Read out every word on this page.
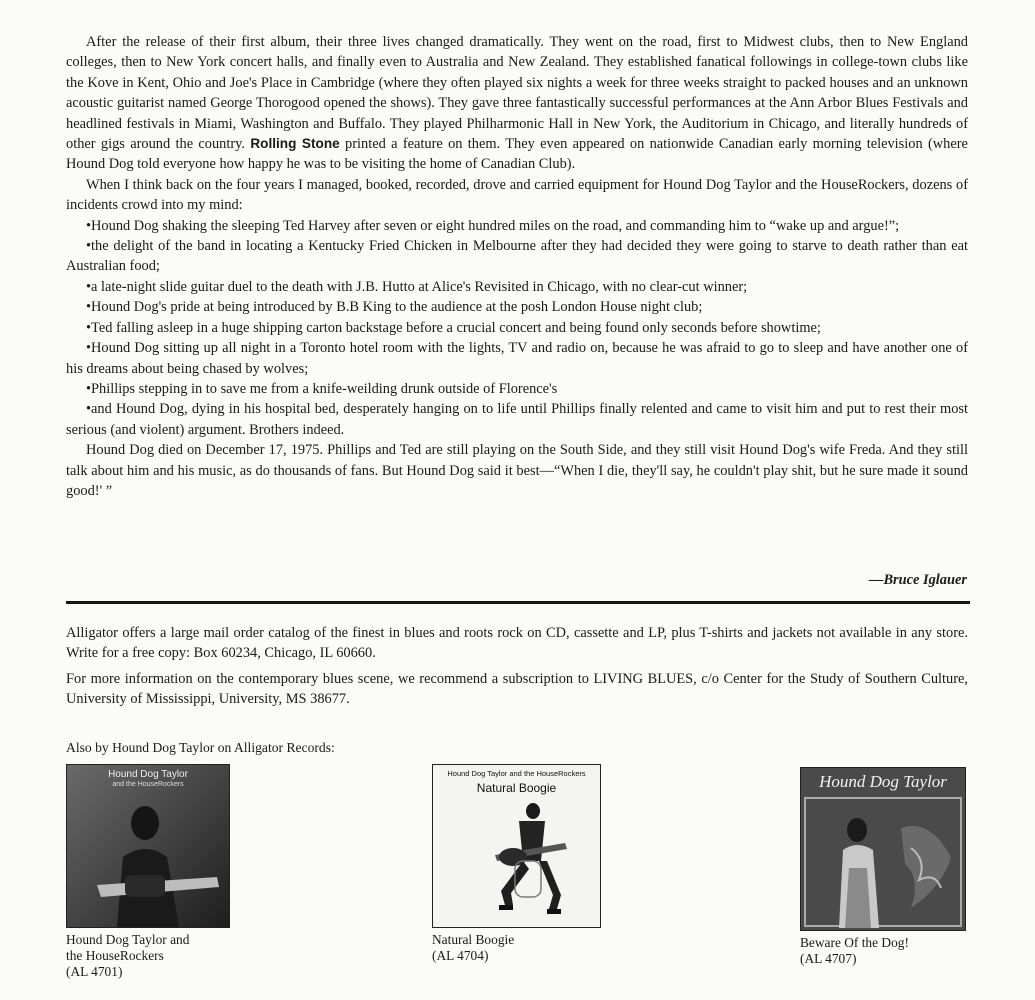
After the release of their first album, their three lives changed dramatically. They went on the road, first to Midwest clubs, then to New England colleges, then to New York concert halls, and finally even to Australia and New Zealand. They established fanatical followings in college-town clubs like the Kove in Kent, Ohio and Joe's Place in Cambridge (where they often played six nights a week for three weeks straight to packed houses and an unknown acoustic guitarist named George Thorogood opened the shows). They gave three fantastically successful performances at the Ann Arbor Blues Festivals and headlined festivals in Miami, Washington and Buffalo. They played Philharmonic Hall in New York, the Auditorium in Chicago, and literally hundreds of other gigs around the country. Rolling Stone printed a feature on them. They even appeared on nationwide Canadian early morning television (where Hound Dog told everyone how happy he was to be visiting the home of Canadian Club).

When I think back on the four years I managed, booked, recorded, drove and carried equipment for Hound Dog Taylor and the HouseRockers, dozens of incidents crowd into my mind:

•Hound Dog shaking the sleeping Ted Harvey after seven or eight hundred miles on the road, and commanding him to “wake up and argue!”;

•the delight of the band in locating a Kentucky Fried Chicken in Melbourne after they had decided they were going to starve to death rather than eat Australian food;

•a late-night slide guitar duel to the death with J.B. Hutto at Alice's Revisited in Chicago, with no clear-cut winner;

•Hound Dog's pride at being introduced by B.B King to the audience at the posh London House night club;

•Ted falling asleep in a huge shipping carton backstage before a crucial concert and being found only seconds before showtime;

•Hound Dog sitting up all night in a Toronto hotel room with the lights, TV and radio on, because he was afraid to go to sleep and have another one of his dreams about being chased by wolves;

•Phillips stepping in to save me from a knife-weilding drunk outside of Florence's

•and Hound Dog, dying in his hospital bed, desperately hanging on to life until Phillips finally relented and came to visit him and put to rest their most serious (and violent) argument. Brothers indeed.

Hound Dog died on December 17, 1975. Phillips and Ted are still playing on the South Side, and they still visit Hound Dog's wife Freda. And they still talk about him and his music, as do thousands of fans. But Hound Dog said it best—“When I die, they'll say, he couldn't play shit, but he sure made it sound good!' ”

—Bruce Iglauer

Alligator offers a large mail order catalog of the finest in blues and roots rock on CD, cassette and LP, plus T-shirts and jackets not available in any store. Write for a free copy: Box 60234, Chicago, IL 60660.

For more information on the contemporary blues scene, we recommend a subscription to LIVING BLUES, c/o Center for the Study of Southern Culture, University of Mississippi, University, MS 38677.

Also by Hound Dog Taylor on Alligator Records:
Hound Dog Taylor
and the HouseRockers
Hound Dog Taylor and
the HouseRockers
(AL 4701)
Hound Dog Taylor and the HouseRockers
Natural Boogie
Natural Boogie
(AL 4704)
Hound Dog Taylor
Beware Of the Dog!
(AL 4707)
